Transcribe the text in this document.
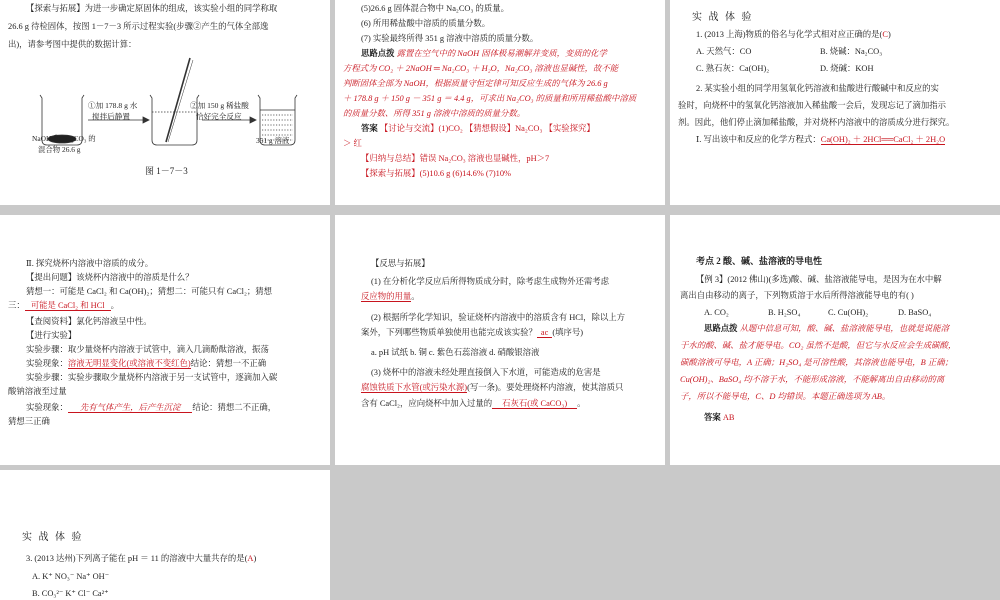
【探索与拓展】为进一步确定原固体的组成，该实验小组的同学称取
26.6 g 待检固体，按图 1－7－3 所示过程实验(步骤②产生的气体全部逸
出)，请参考图中提供的数据计算：
①加 178.8 g 水
搅拌后静置
②加 150 g 稀盐酸
恰好完全反应
NaOH 和 Na₂CO₃ 的
混合物 26.6 g
351 g 溶液
图 1－7－3
(5)26.6 g 固体混合物中 Na₂CO₃ 的质量。
(6) 所用稀盐酸中溶质的质量分数。
(7) 实验最终所得 351 g 溶液中溶质的质量分数。
思路点拨 露置在空气中的 NaOH 固体极易潮解并变质，变质的化学
方程式为 CO₂ ＋ 2NaOH ═ Na₂CO₃ ＋ H₂O，Na₂CO₃ 溶液也显碱性，故不能
判断固体全部为 NaOH，根据质量守恒定律可知反应生成的气体为 26.6 g
＋ 178.8 g ＋ 150 g － 351 g ＝ 4.4 g，可求出 Na₂CO₃ 的质量和所用稀盐酸中溶质
的质量分数、所得 351 g 溶液中溶质的质量分数。
答案 【讨论与交流】(1)CO₂ 【猜想假设】Na₂CO₃ 【实验探究】
＞ 红
【归纳与总结】错误 Na₂CO₃ 溶液也显碱性，pH＞7
【探索与拓展】(5)10.6 g (6)14.6% (7)10%
实 战 体 验
1. (2013 上海)物质的俗名与化学式相对应正确的是(C)
A. 天然气：CO	B. 烧碱：Na₂CO₃
C. 熟石灰：Ca(OH)₂	D. 烧碱：KOH
2. 某实验小组的同学用氢氧化钙溶液和盐酸进行酸碱中和反应的实
验时，向烧杯中的氢氧化钙溶液加入稀盐酸一会后，发现忘记了滴加指示
剂。因此，他们停止滴加稀盐酸，并对烧杯内溶液中的溶质成分进行探究。
Ⅰ. 写出该中和反应的化学方程式：Ca(OH)₂ ＋ 2HCl══CaCl₂ ＋ 2H₂O
Ⅱ. 探究烧杯内溶液中溶质的成分。
【提出问题】该烧杯内溶液中的溶质是什么？
猜想一：可能是 CaCl₂ 和 Ca(OH)₂；猜想二：可能只有 CaCl₂；猜想
三： 可能是 CaCl₂ 和 HCl 。
【查阅资料】氯化钙溶液呈中性。
【进行实验】
实验步骤：取少量烧杯内溶液于试管中，滴入几滴酚酞溶液，振荡
实验现象：溶液无明显变化(或溶液不变红色)结论：猜想一不正确
实验步骤：实验步骤取少量烧杯内溶液于另一支试管中，逐滴加入碳
酸钠溶液至过量
实验现象： 先有气体产生，后产生沉淀 结论：猜想二不正确，
猜想三正确
【反思与拓展】
(1) 在分析化学反应后所得物质成分时，除考虑生成物外还需考虑
反应物的用量。
(2) 根据所学化学知识，验证烧杯内溶液中的溶质含有 HCl，除以上方
案外，下列哪些物质单独使用也能完成该实验？ ac (填序号)
a. pH 试纸 b. 铜 c. 紫色石蕊溶液 d. 硝酸银溶液
(3) 烧杯中的溶液未经处理直接倒入下水道，可能造成的危害是
腐蚀铁质下水管(或污染水源)(写一条)。要处理烧杯内溶液，使其溶质只
含有 CaCl₂，应向烧杯中加入过量的 石灰石(或 CaCO₃) 。
考点 2 酸、碱、盐溶液的导电性
【例 3】(2012 佛山)(多选)酸、碱、盐溶液能导电，是因为在水中解
离出自由移动的离子，下列物质溶于水后所得溶液能导电的有( )
A. CO₂	B. H₂SO₄	C. Cu(OH)₂	D. BaSO₄
思路点拨 从题中信息可知，酸、碱、盐溶液能导电，也就是说能溶
于水的酸、碱、盐才能导电。CO₂ 虽然不是酸，但它与水反应会生成碳酸，
碳酸溶液可导电，A 正确；H₂SO₄ 是可溶性酸，其溶液也能导电，B 正确；
Cu(OH)₂、BaSO₄ 均不溶于水，不能形成溶液，不能解离出自由移动的离
子，所以不能导电，C、D 均错误。本题正确选项为 AB。
答案 AB
实 战 体 验
3. (2013 达州)下列离子能在 pH ＝ 11 的溶液中大量共存的是(A)
A. K⁺ NO₃⁻ Na⁺ OH⁻
B. CO₃²⁻ K⁺ Cl⁻ Ca²⁺
